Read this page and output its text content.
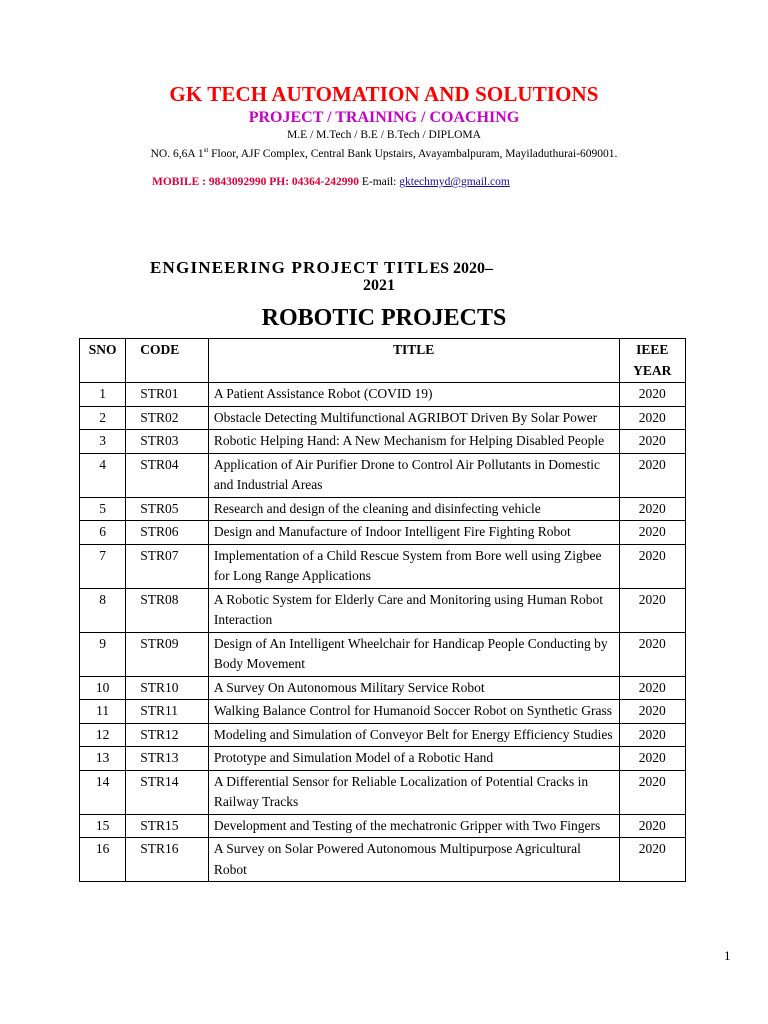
GK TECH AUTOMATION AND SOLUTIONS
PROJECT / TRAINING / COACHING
M.E / M.Tech / B.E / B.Tech / DIPLOMA
NO. 6,6A 1st Floor, AJF Complex, Central Bank Upstairs, Avayambalpuram, Mayiladuthurai-609001.
MOBILE : 9843092990 PH: 04364-242990 E-mail: gktechmyd@gmail.com
ENGINEERING PROJECT TITLES 2020–
2021
ROBOTIC PROJECTS
SNO	CODE	TITLE	IEEE
YEAR
1	STR01	A Patient Assistance Robot (COVID 19)	2020
2	STR02	Obstacle Detecting Multifunctional AGRIBOT Driven By Solar Power	2020
3	STR03	Robotic Helping Hand: A New Mechanism for Helping Disabled People	2020
4	STR04	Application of Air Purifier Drone to Control Air Pollutants in Domestic and Industrial Areas	2020
5	STR05	Research and design of the cleaning and disinfecting vehicle	2020
6	STR06	Design and Manufacture of Indoor Intelligent Fire Fighting Robot	2020
7	STR07	Implementation of a Child Rescue System from Bore well using Zigbee for Long Range Applications	2020
8	STR08	A Robotic System for Elderly Care and Monitoring using Human Robot Interaction	2020
9	STR09	Design of An Intelligent Wheelchair for Handicap People Conducting by Body Movement	2020
10	STR10	A Survey On Autonomous Military Service Robot	2020
11	STR11	Walking Balance Control for Humanoid Soccer Robot on Synthetic Grass	2020
12	STR12	Modeling and Simulation of Conveyor Belt for Energy Efficiency Studies	2020
13	STR13	Prototype and Simulation Model of a Robotic Hand	2020
14	STR14	A Differential Sensor for Reliable Localization of Potential Cracks in Railway Tracks	2020
15	STR15	Development and Testing of the mechatronic Gripper with Two Fingers	2020
16	STR16	A Survey on Solar Powered Autonomous Multipurpose Agricultural Robot	2020
1
